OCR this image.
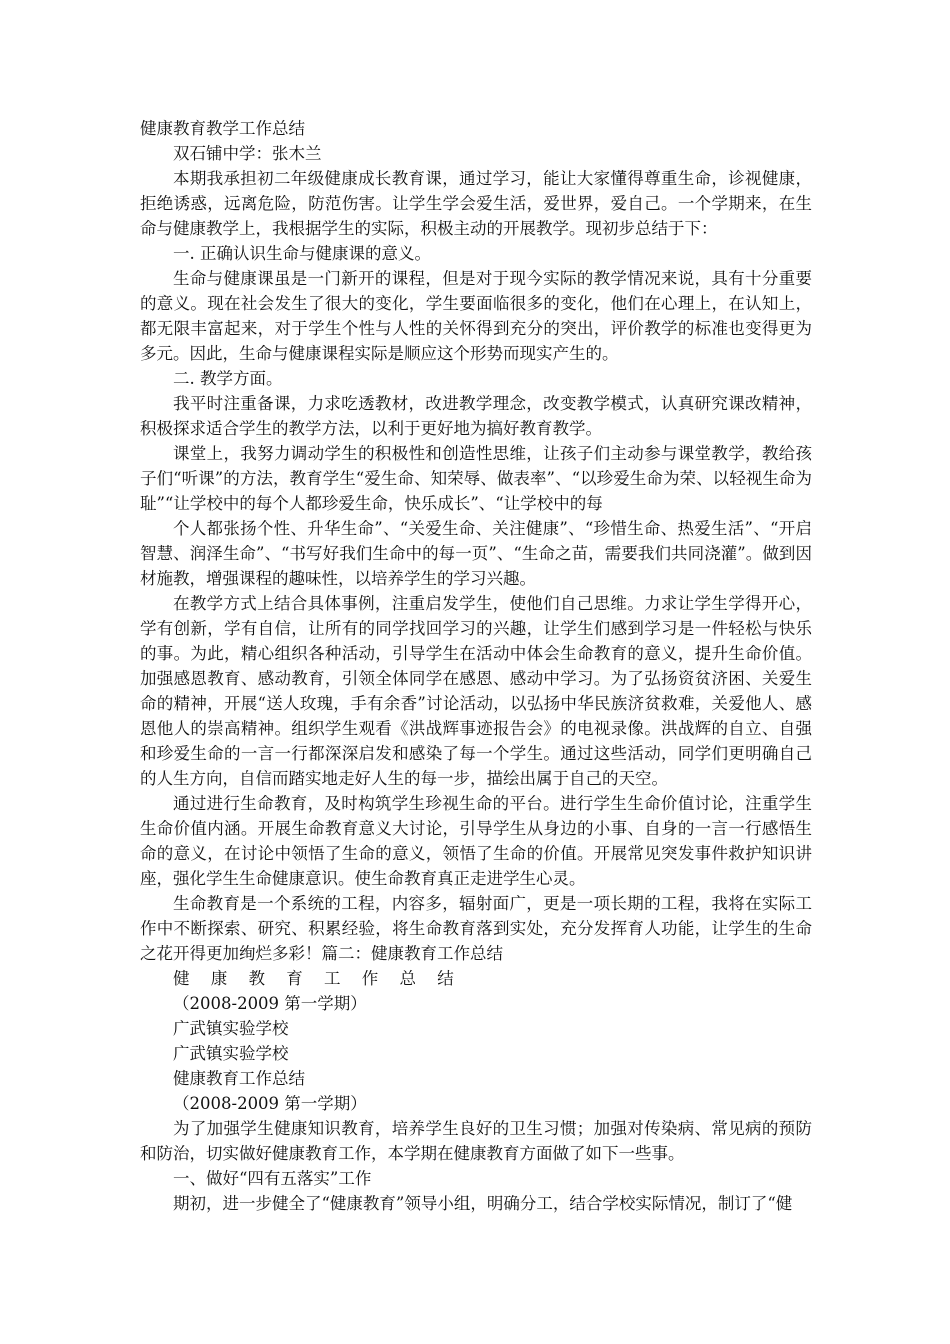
健康教育教学工作总结

双石铺中学：张木兰

本期我承担初二年级健康成长教育课，通过学习，能让大家懂得尊重生命，诊视健康，拒绝诱惑，远离危险，防范伤害。让学生学会爱生活，爱世界，爱自己。一个学期来，在生命与健康教学上，我根据学生的实际，积极主动的开展教学。现初步总结于下：

一. 正确认识生命与健康课的意义。

生命与健康课虽是一门新开的课程，但是对于现今实际的教学情况来说，具有十分重要的意义。现在社会发生了很大的变化，学生要面临很多的变化，他们在心理上，在认知上，都无限丰富起来，对于学生个性与人性的关怀得到充分的突出，评价教学的标准也变得更为多元。因此，生命与健康课程实际是顺应这个形势而现实产生的。

二. 教学方面。

我平时注重备课，力求吃透教材，改进教学理念，改变教学模式，认真研究课改精神，积极探求适合学生的教学方法，以利于更好地为搞好教育教学。

课堂上，我努力调动学生的积极性和创造性思维，让孩子们主动参与课堂教学，教给孩子们“听课”的方法，教育学生“爱生命、知荣辱、做表率”、“以珍爱生命为荣、以轻视生命为耻”“让学校中的每个人都珍爱生命，快乐成长”、“让学校中的每

个人都张扬个性、升华生命”、“关爱生命、关注健康”、“珍惜生命、热爱生活”、“开启智慧、润泽生命”、“书写好我们生命中的每一页”、“生命之苗，需要我们共同浇灌”。做到因材施教，增强课程的趣味性，以培养学生的学习兴趣。

在教学方式上结合具体事例，注重启发学生，使他们自己思维。力求让学生学得开心，学有创新，学有自信，让所有的同学找回学习的兴趣，让学生们感到学习是一件轻松与快乐的事。为此，精心组织各种活动，引导学生在活动中体会生命教育的意义，提升生命价值。加强感恩教育、感动教育，引领全体同学在感恩、感动中学习。为了弘扬资贫济困、关爱生命的精神，开展“送人玫瑰，手有余香”讨论活动，以弘扬中华民族济贫救难，关爱他人、感恩他人的崇高精神。组织学生观看《洪战辉事迹报告会》的电视录像。洪战辉的自立、自强和珍爱生命的一言一行都深深启发和感染了每一个学生。通过这些活动，同学们更明确自己的人生方向，自信而踏实地走好人生的每一步，描绘出属于自己的天空。

通过进行生命教育，及时构筑学生珍视生命的平台。进行学生生命价值讨论，注重学生生命价值内涵。开展生命教育意义大讨论，引导学生从身边的小事、自身的一言一行感悟生命的意义，在讨论中领悟了生命的意义，领悟了生命的价值。开展常见突发事件救护知识讲座，强化学生生命健康意识。使生命教育真正走进学生心灵。

生命教育是一个系统的工程，内容多，辐射面广，更是一项长期的工程，我将在实际工作中不断探索、研究、积累经验，将生命教育落到实处，充分发挥育人功能，让学生的生命之花开得更加绚烂多彩！篇二：健康教育工作总结

健 康 教 育 工 作 总 结

（2008-2009 第一学期）

广武镇实验学校

广武镇实验学校

健康教育工作总结

（2008-2009 第一学期）

为了加强学生健康知识教育，培养学生良好的卫生习惯；加强对传染病、常见病的预防和防治，切实做好健康教育工作，本学期在健康教育方面做了如下一些事。

一、做好“四有五落实”工作

期初，进一步健全了“健康教育”领导小组，明确分工，结合学校实际情况，制订了“健
